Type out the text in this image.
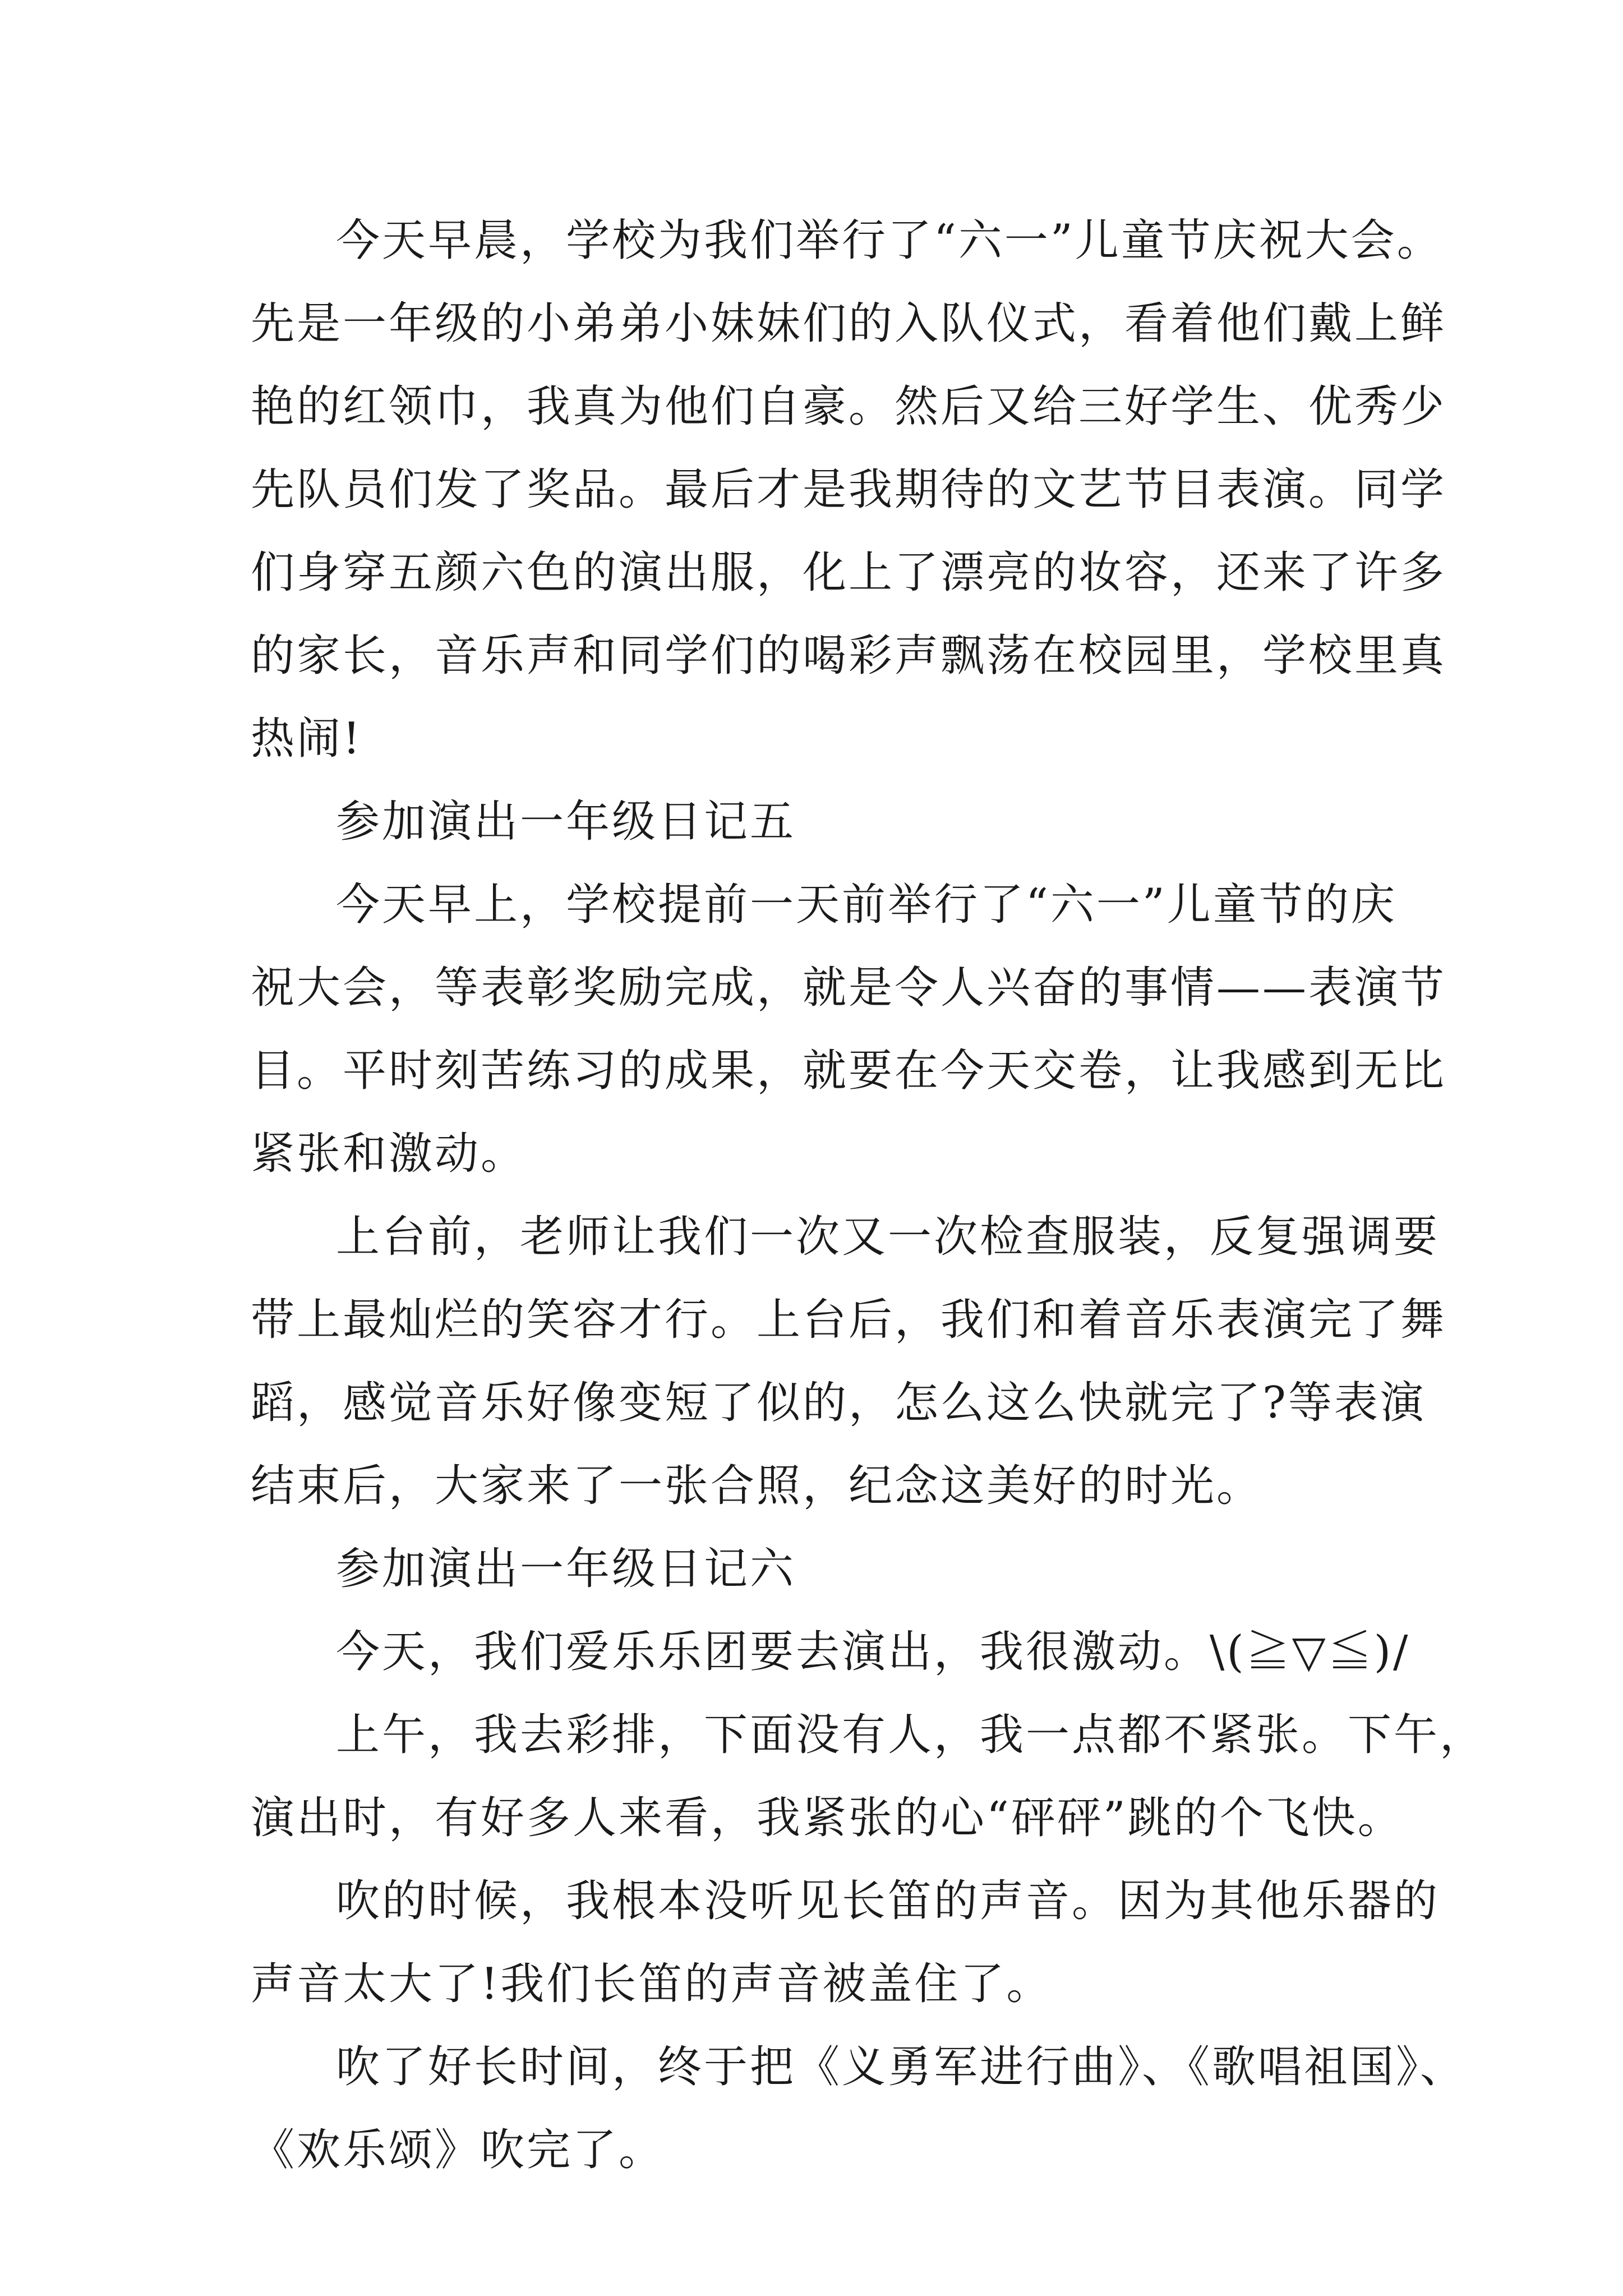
今天早晨，学校为我们举行了“六一”儿童节庆祝大会。
先是一年级的小弟弟小妹妹们的入队仪式，看着他们戴上鲜
艳的红领巾，我真为他们自豪。然后又给三好学生、优秀少
先队员们发了奖品。最后才是我期待的文艺节目表演。同学
们身穿五颜六色的演出服，化上了漂亮的妆容，还来了许多
的家长，音乐声和同学们的喝彩声飘荡在校园里，学校里真
热闹!
参加演出一年级日记五
今天早上，学校提前一天前举行了“六一”儿童节的庆
祝大会，等表彰奖励完成，就是令人兴奋的事情——表演节
目。平时刻苦练习的成果，就要在今天交卷，让我感到无比
紧张和激动。
上台前，老师让我们一次又一次检查服装，反复强调要
带上最灿烂的笑容才行。上台后，我们和着音乐表演完了舞
蹈，感觉音乐好像变短了似的，怎么这么快就完了?等表演
结束后，大家来了一张合照，纪念这美好的时光。
参加演出一年级日记六
今天，我们爱乐乐团要去演出，我很激动。\(≧▽≦)/
上午，我去彩排，下面没有人，我一点都不紧张。下午，
演出时，有好多人来看，我紧张的心“砰砰”跳的个飞快。
吹的时候，我根本没听见长笛的声音。因为其他乐器的
声音太大了!我们长笛的声音被盖住了。
吹了好长时间，终于把《义勇军进行曲》、《歌唱祖国》、
《欢乐颂》吹完了。
